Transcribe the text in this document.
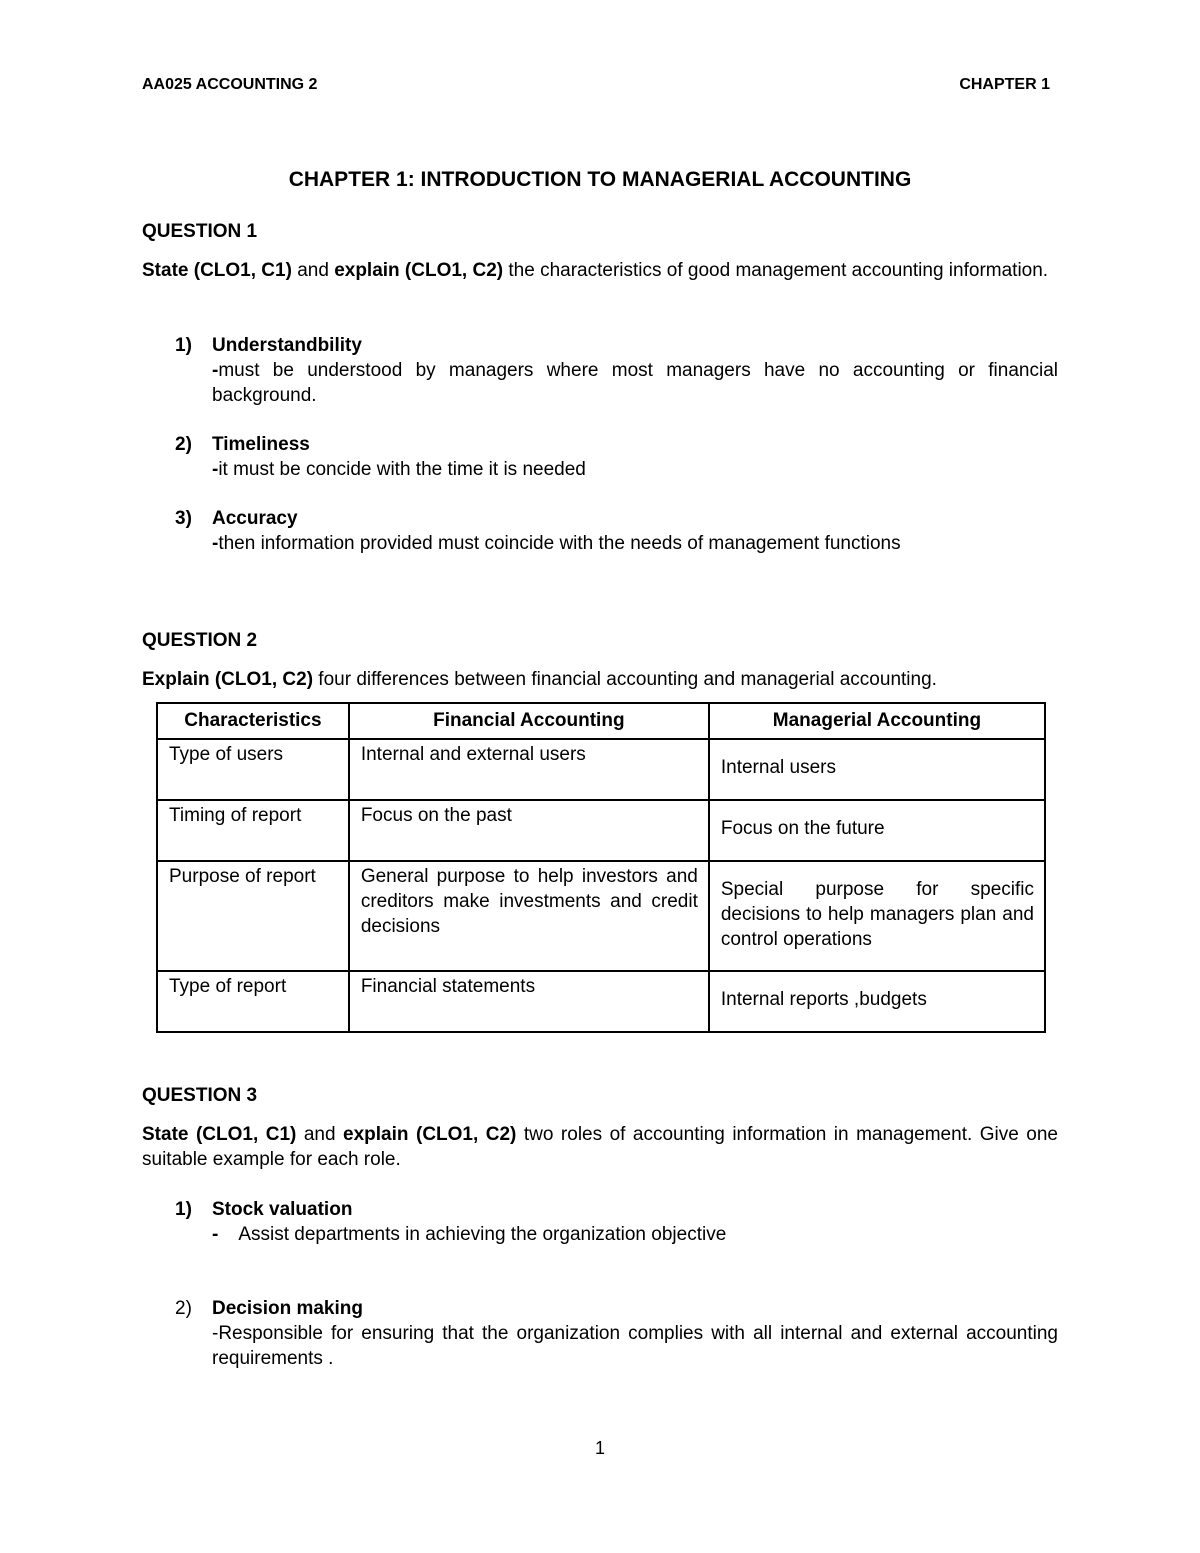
AA025 ACCOUNTING 2	CHAPTER 1
CHAPTER 1: INTRODUCTION TO MANAGERIAL ACCOUNTING
QUESTION 1
State (CLO1, C1) and explain (CLO1, C2) the characteristics of good management accounting information.
1) Understandbility
-must be understood by managers where most managers have no accounting or financial background.
2) Timeliness
-it must be concide with the time it is needed
3) Accuracy
-then information provided must coincide with the needs of management functions
QUESTION 2
Explain (CLO1, C2) four differences between financial accounting and managerial accounting.
Characteristics	Financial Accounting	Managerial Accounting
Type of users	Internal and external users	Internal users
Timing of report	Focus on the past	Focus on the future
Purpose of report	General purpose to help investors and creditors make investments and credit decisions	Special purpose for specific decisions to help managers plan and control operations
Type of report	Financial statements	Internal reports ,budgets
QUESTION 3
State (CLO1, C1) and explain (CLO1, C2) two roles of accounting information in management. Give one suitable example for each role.
1) Stock valuation
- Assist departments in achieving the organization objective
2) Decision making
-Responsible for ensuring that the organization complies with all internal and external accounting requirements .
1
